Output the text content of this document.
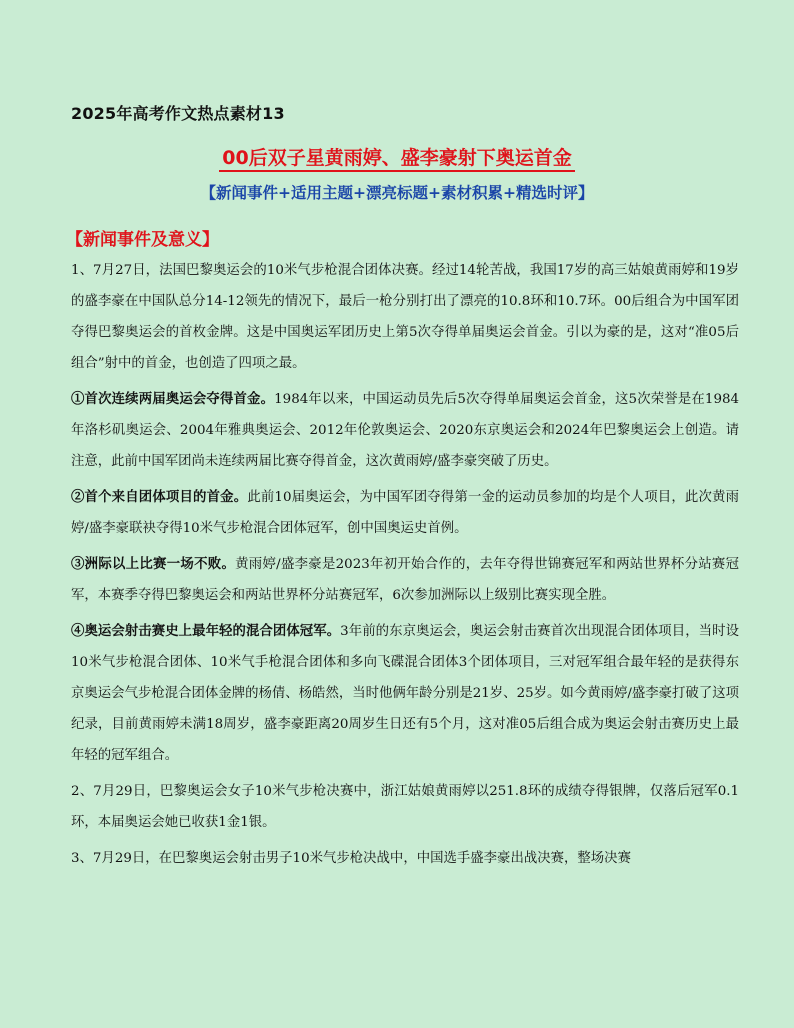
2025年高考作文热点素材13
00后双子星黄雨婷、盛李豪射下奥运首金
【新闻事件+适用主题+漂亮标题+素材积累+精选时评】
【新闻事件及意义】

1、7月27日，法国巴黎奥运会的10米气步枪混合团体决赛。经过14轮苦战，我国17岁的高三姑娘黄雨婷和19岁的盛李豪在中国队总分14-12领先的情况下，最后一枪分别打出了漂亮的10.8环和10.7环。00后组合为中国军团夺得巴黎奥运会的首枚金牌。这是中国奥运军团历史上第5次夺得单届奥运会首金。引以为豪的是，这对“准05后组合”射中的首金，也创造了四项之最。

①首次连续两届奥运会夺得首金。1984年以来，中国运动员先后5次夺得单届奥运会首金，这5次荣誉是在1984年洛杉矶奥运会、2004年雅典奥运会、2012年伦敦奥运会、2020东京奥运会和2024年巴黎奥运会上创造。请注意，此前中国军团尚未连续两届比赛夺得首金，这次黄雨婷/盛李豪突破了历史。

②首个来自团体项目的首金。此前10届奥运会，为中国军团夺得第一金的运动员参加的均是个人项目，此次黄雨婷/盛李豪联袂夺得10米气步枪混合团体冠军，创中国奥运史首例。

③洲际以上比赛一场不败。黄雨婷/盛李豪是2023年初开始合作的，去年夺得世锦赛冠军和两站世界杯分站赛冠军，本赛季夺得巴黎奥运会和两站世界杯分站赛冠军，6次参加洲际以上级别比赛实现全胜。

④奥运会射击赛史上最年轻的混合团体冠军。3年前的东京奥运会，奥运会射击赛首次出现混合团体项目，当时设10米气步枪混合团体、10米气手枪混合团体和多向飞碟混合团体3个团体项目，三对冠军组合最年轻的是获得东京奥运会气步枪混合团体金牌的杨倩、杨皓然，当时他俩年龄分别是21岁、25岁。如今黄雨婷/盛李豪打破了这项纪录，目前黄雨婷未满18周岁，盛李豪距离20周岁生日还有5个月，这对准05后组合成为奥运会射击赛历史上最年轻的冠军组合。

2、7月29日，巴黎奥运会女子10米气步枪决赛中，浙江姑娘黄雨婷以251.8环的成绩夺得银牌，仅落后冠军0.1环，本届奥运会她已收获1金1银。

3、7月29日，在巴黎奥运会射击男子10米气步枪决战中，中国选手盛李豪出战决赛，整场决赛
